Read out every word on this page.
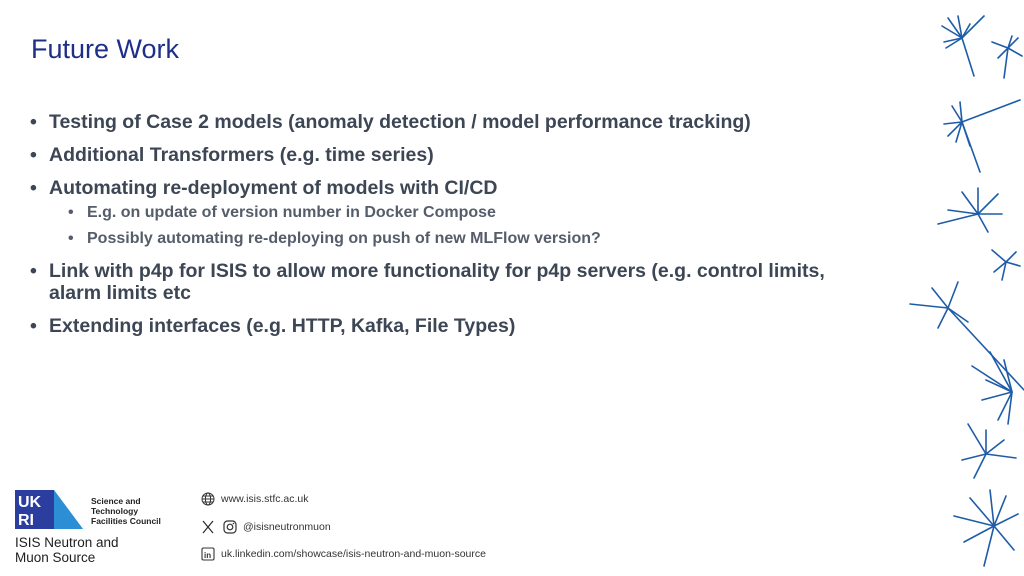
Future Work
• Testing of Case 2 models (anomaly detection / model performance tracking)
• Additional Transformers (e.g. time series)
• Automating re-deployment of models with CI/CD
• E.g. on update of version number in Docker Compose
• Possibly automating re-deploying on push of new MLFlow version?
• Link with p4p for ISIS to allow more functionality for p4p servers (e.g. control limits, alarm limits etc
• Extending interfaces (e.g. HTTP, Kafka, File Types)
UK
RI
Science and
Technology
Facilities Council
ISIS Neutron and
Muon Source
www.isis.stfc.ac.uk
@isisneutronmuon
in uk.linkedin.com/showcase/isis-neutron-and-muon-source
